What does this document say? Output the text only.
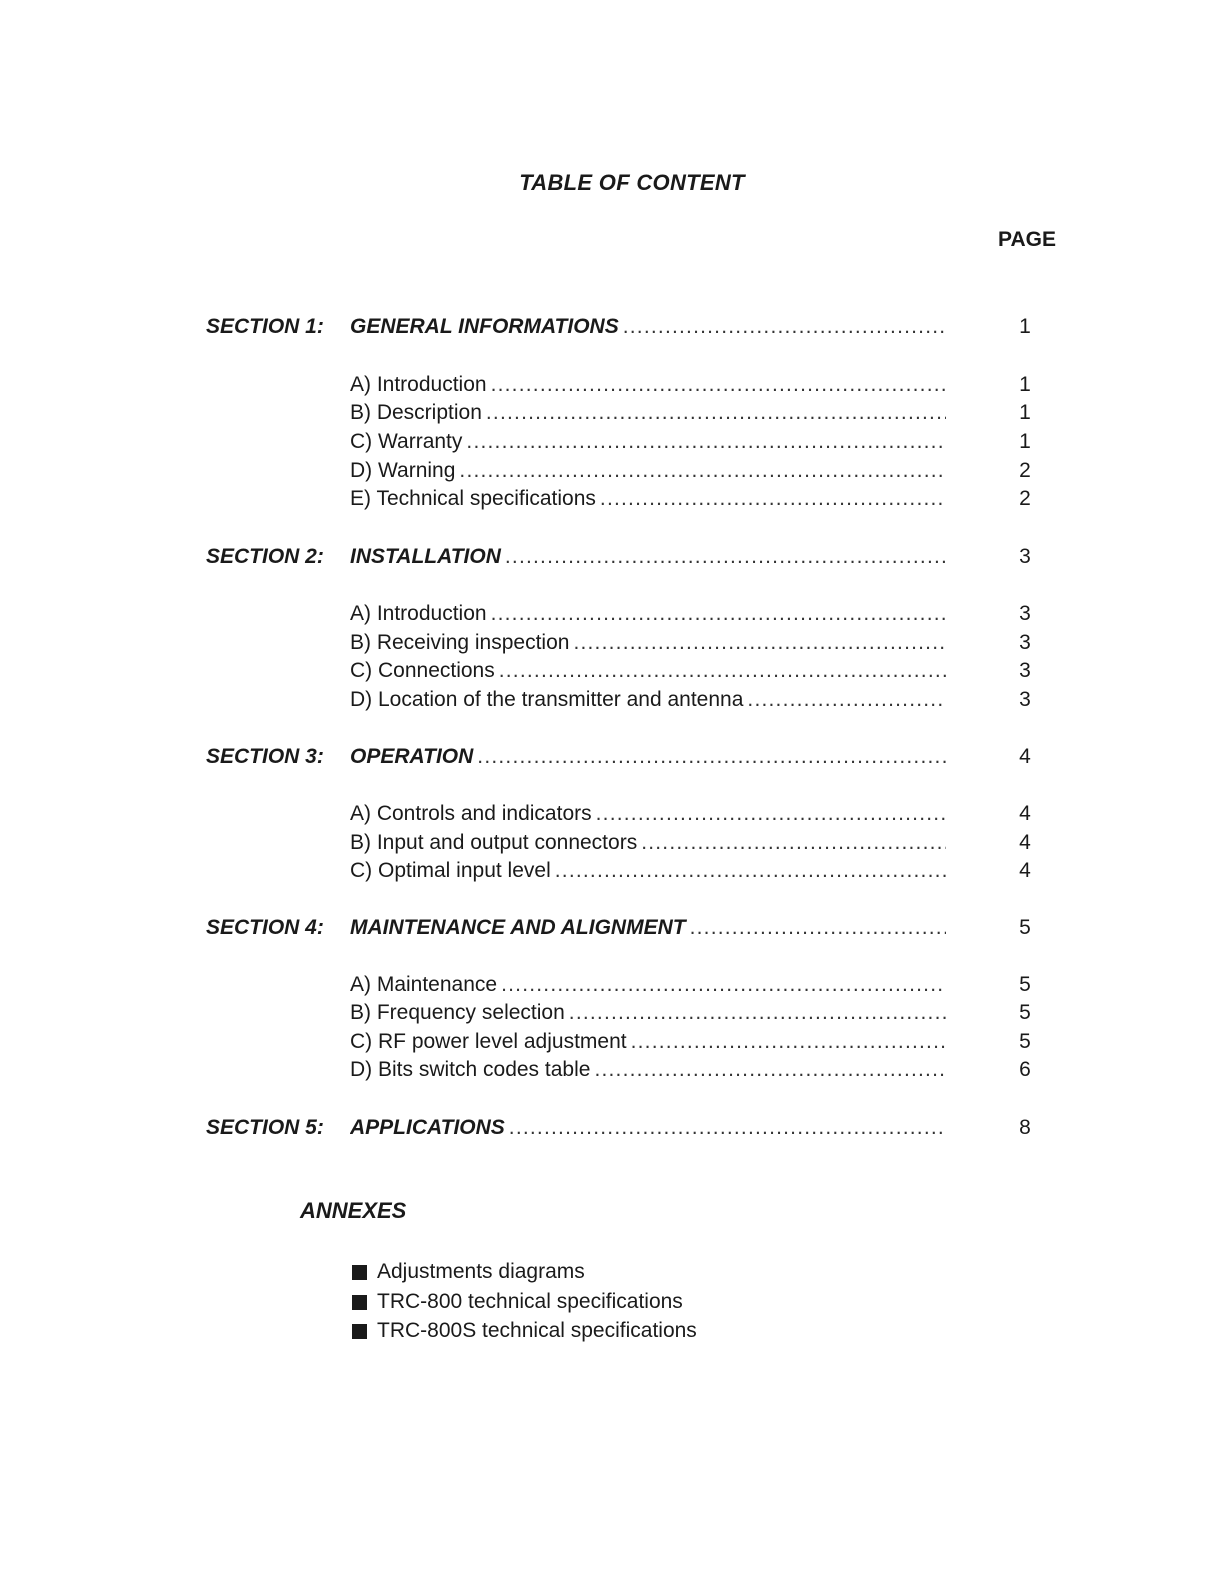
TABLE OF CONTENT
PAGE
SECTION 1:	GENERAL INFORMATIONS .....	1
A) Introduction .....	1
B) Description .....	1
C) Warranty .....	1
D) Warning .....	2
E) Technical specifications .....	2
SECTION 2:	INSTALLATION .....	3
A) Introduction .....	3
B) Receiving inspection .....	3
C) Connections .....	3
D) Location of the transmitter and antenna .....	3
SECTION 3:	OPERATION .....	4
A) Controls and indicators .....	4
B) Input and output connectors .....	4
C) Optimal input level .....	4
SECTION 4:	MAINTENANCE AND ALIGNMENT .....	5
A) Maintenance .....	5
B) Frequency selection .....	5
C) RF power level adjustment .....	5
D) Bits switch codes table .....	6
SECTION 5:	APPLICATIONS .....	8
ANNEXES
Adjustments diagrams
TRC-800 technical specifications
TRC-800S technical specifications
